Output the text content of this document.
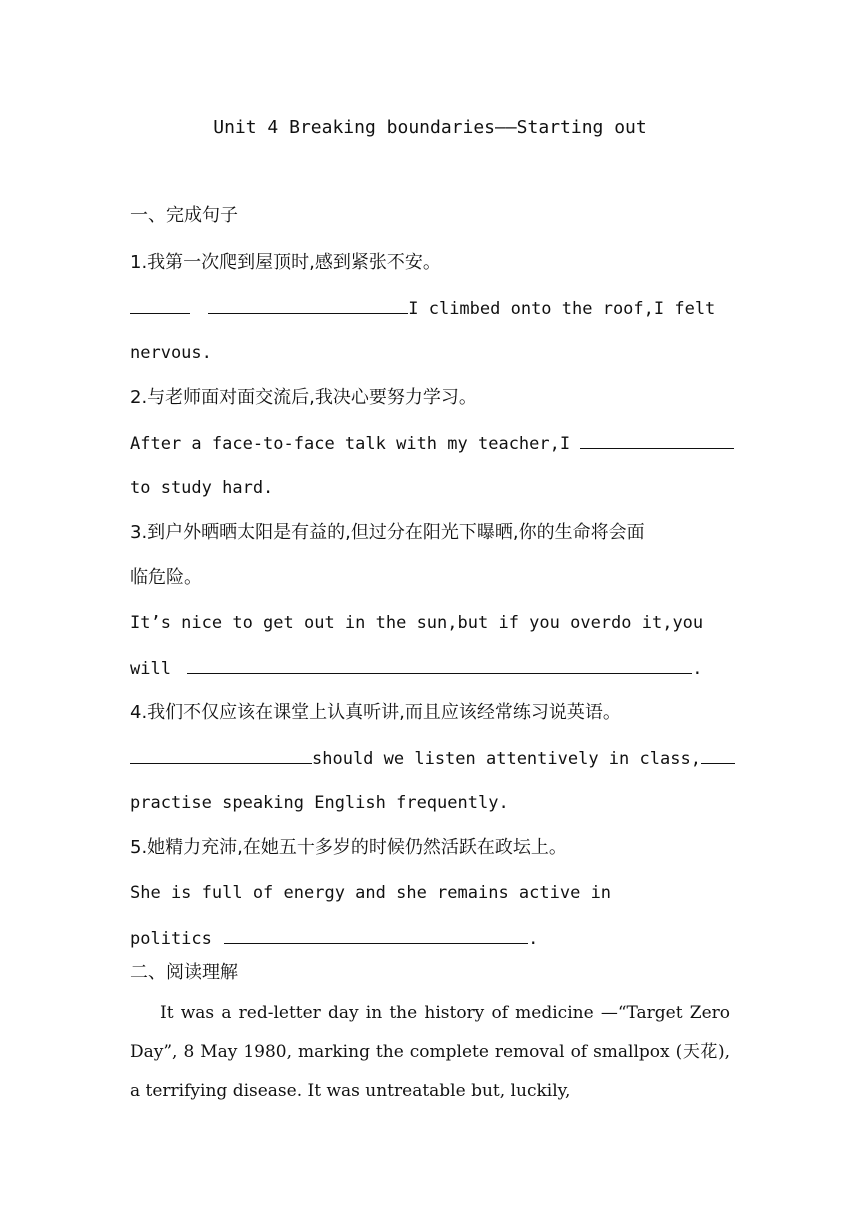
Unit 4 Breaking boundaries——Starting out
一、完成句子
1.我第一次爬到屋顶时,感到紧张不安。
I climbed onto the roof,I felt
nervous.
2.与老师面对面交流后,我决心要努力学习。
After a face-to-face talk with my teacher,I
to study hard.
3.到户外晒晒太阳是有益的,但过分在阳光下曝晒,你的生命将会面
临危险。
It’s nice to get out in the sun,but if you overdo it,you
will	.
4.我们不仅应该在课堂上认真听讲,而且应该经常练习说英语。
should we listen attentively in class,
practise speaking English frequently.
5.她精力充沛,在她五十多岁的时候仍然活跃在政坛上。
She is full of energy and she remains active in
politics	.
二、阅读理解
It was a red-letter day in the history of medicine —“Target Zero Day”, 8 May 1980, marking the complete removal of smallpox (天花), a terrifying disease. It was untreatable but, luckily,
